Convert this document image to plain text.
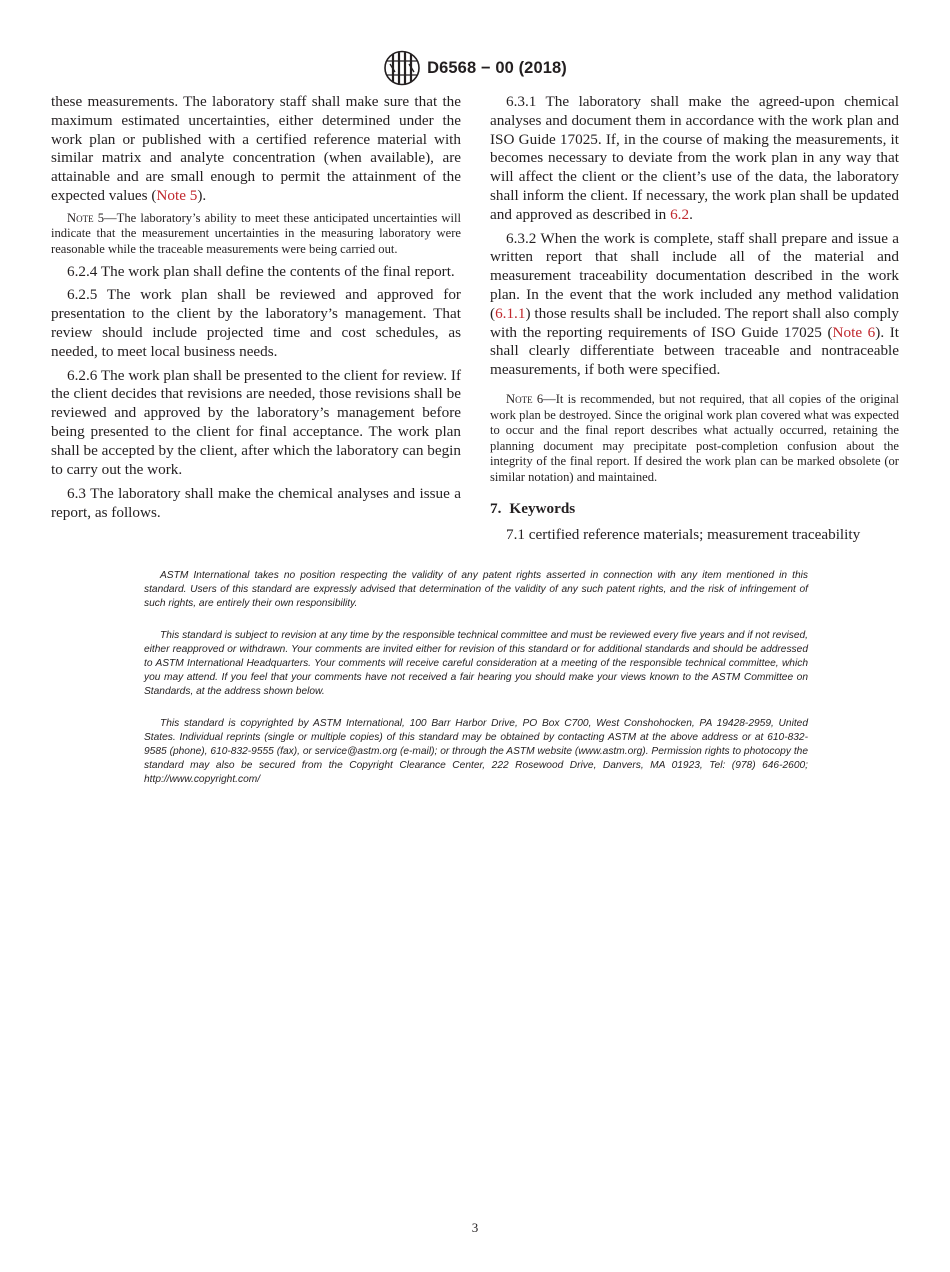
D6568 − 00 (2018)

these measurements. The laboratory staff shall make sure that the maximum estimated uncertainties, either determined under the work plan or published with a certified reference material with similar matrix and analyte concentration (when available), are attainable and are small enough to permit the attainment of the expected values (Note 5).

Note 5—The laboratory’s ability to meet these anticipated uncertainties will indicate that the measurement uncertainties in the measuring laboratory were reasonable while the traceable measurements were being carried out.

6.2.4 The work plan shall define the contents of the final report.

6.2.5 The work plan shall be reviewed and approved for presentation to the client by the laboratory’s management. That review should include projected time and cost schedules, as needed, to meet local business needs.

6.2.6 The work plan shall be presented to the client for review. If the client decides that revisions are needed, those revisions shall be reviewed and approved by the laboratory’s management before being presented to the client for final acceptance. The work plan shall be accepted by the client, after which the laboratory can begin to carry out the work.

6.3 The laboratory shall make the chemical analyses and issue a report, as follows.

6.3.1 The laboratory shall make the agreed-upon chemical analyses and document them in accordance with the work plan and ISO Guide 17025. If, in the course of making the measurements, it becomes necessary to deviate from the work plan in any way that will affect the client or the client’s use of the data, the laboratory shall inform the client. If necessary, the work plan shall be updated and approved as described in 6.2.

6.3.2 When the work is complete, staff shall prepare and issue a written report that shall include all of the material and measurement traceability documentation described in the work plan. In the event that the work included any method validation (6.1.1) those results shall be included. The report shall also comply with the reporting requirements of ISO Guide 17025 (Note 6). It shall clearly differentiate between traceable and nontraceable measurements, if both were specified.

Note 6—It is recommended, but not required, that all copies of the original work plan be destroyed. Since the original work plan covered what was expected to occur and the final report describes what actually occurred, retaining the planning document may precipitate post-completion confusion about the integrity of the final report. If desired the work plan can be marked obsolete (or similar notation) and maintained.

7. Keywords

7.1 certified reference materials; measurement traceability

ASTM International takes no position respecting the validity of any patent rights asserted in connection with any item mentioned in this standard. Users of this standard are expressly advised that determination of the validity of any such patent rights, and the risk of infringement of such rights, are entirely their own responsibility.

This standard is subject to revision at any time by the responsible technical committee and must be reviewed every five years and if not revised, either reapproved or withdrawn. Your comments are invited either for revision of this standard or for additional standards and should be addressed to ASTM International Headquarters. Your comments will receive careful consideration at a meeting of the responsible technical committee, which you may attend. If you feel that your comments have not received a fair hearing you should make your views known to the ASTM Committee on Standards, at the address shown below.

This standard is copyrighted by ASTM International, 100 Barr Harbor Drive, PO Box C700, West Conshohocken, PA 19428-2959, United States. Individual reprints (single or multiple copies) of this standard may be obtained by contacting ASTM at the above address or at 610-832-9585 (phone), 610-832-9555 (fax), or service@astm.org (e-mail); or through the ASTM website (www.astm.org). Permission rights to photocopy the standard may also be secured from the Copyright Clearance Center, 222 Rosewood Drive, Danvers, MA 01923, Tel: (978) 646-2600; http://www.copyright.com/

3
